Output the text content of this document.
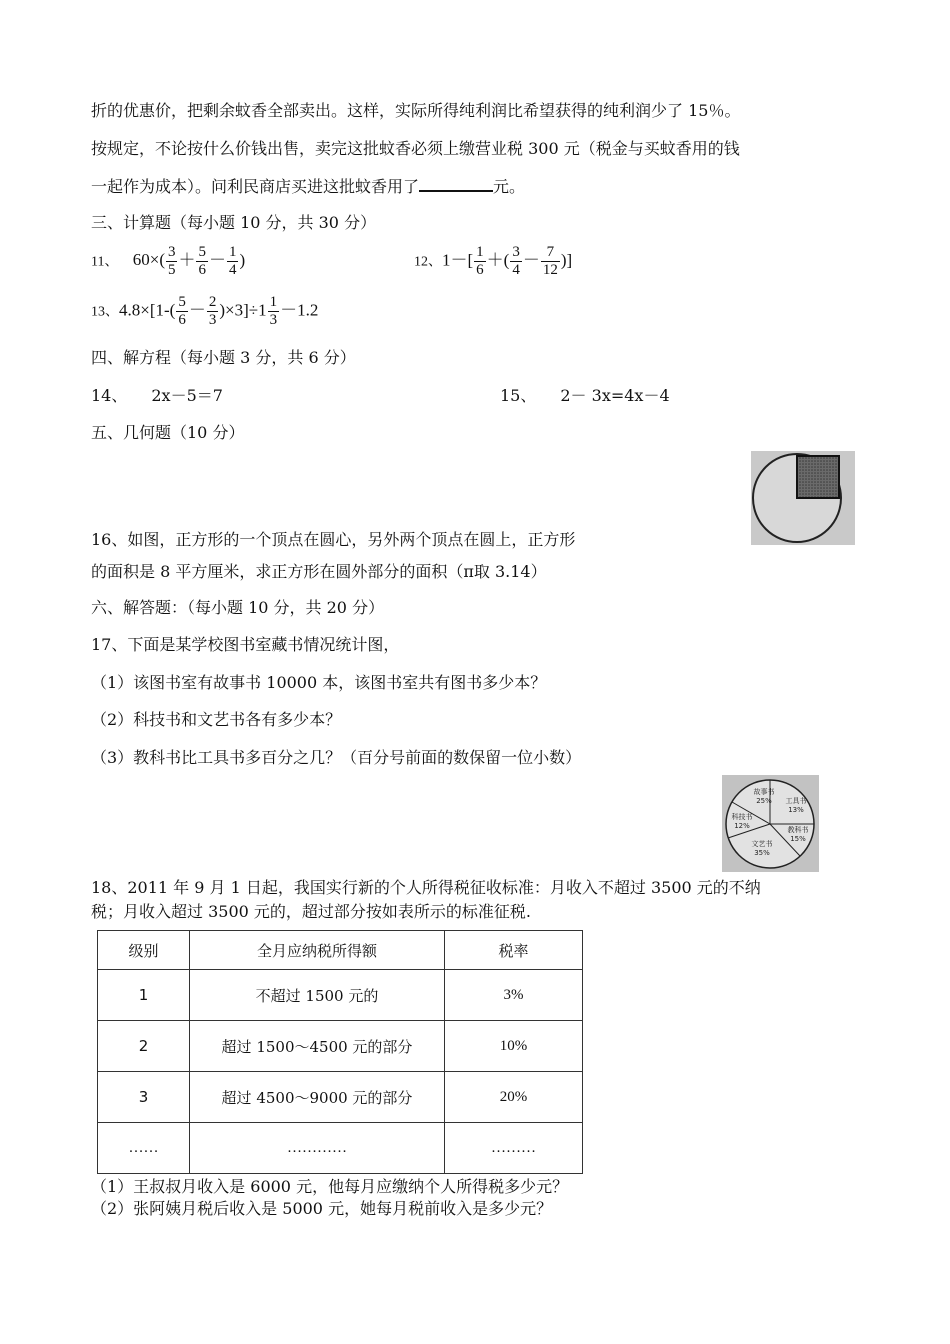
折的优惠价，把剩余蚊香全部卖出。这样，实际所得纯利润比希望获得的纯利润少了 15％。
按规定，不论按什么价钱出售，卖完这批蚊香必须上缴营业税 300 元（税金与买蚊香用的钱
一起作为成本）。问利民商店买进这批蚊香用了	元。
三、计算题（每小题 10 分，共 30 分）
11、 $60\times( \frac{3}{5} + \frac{5}{6} - \frac{1}{4}$ )	12、$1-[ \frac{1}{6}$ ＋( $\frac{3}{4} - \frac{7}{12}$ )]
13、$4.8\times[1-( \frac{5}{6} - \frac{2}{3} )\times 3]\div 1 \frac{1}{3} -1.2$
四、解方程（每小题 3 分，共 6 分）
14、 2x－5＝7	15、 2－ 3x=4x－4
五、几何题（10 分）
16、如图，正方形的一个顶点在圆心，另外两个顶点在圆上，正方形
的面积是 8 平方厘米，求正方形在圆外部分的面积（π取 3.14）
六、解答题：（每小题 10 分，共 20 分）
17、下面是某学校图书室藏书情况统计图，
（1）该图书室有故事书 10000 本，该图书室共有图书多少本？
（2）科技书和文艺书各有多少本？
（3）教科书比工具书多百分之几？（百分号前面的数保留一位小数）
故事书
25% 工具书
13%
教科书
15%
文艺书
35%
科技书
12%
18、2011 年 9 月 1 日起，我国实行新的个人所得税征收标准：月收入不超过 3500 元的不纳
税；月收入超过 3500 元的，超过部分按如表所示的标准征税.
级别	全月应纳税所得额	税率
1	不超过 1500 元的	3%
2	超过 1500～4500 元的部分	10%
3	超过 4500～9000 元的部分	20%
……	…………	………
（1）王叔叔月收入是 6000 元，他每月应缴纳个人所得税多少元？
（2）张阿姨月税后收入是 5000 元，她每月税前收入是多少元？
